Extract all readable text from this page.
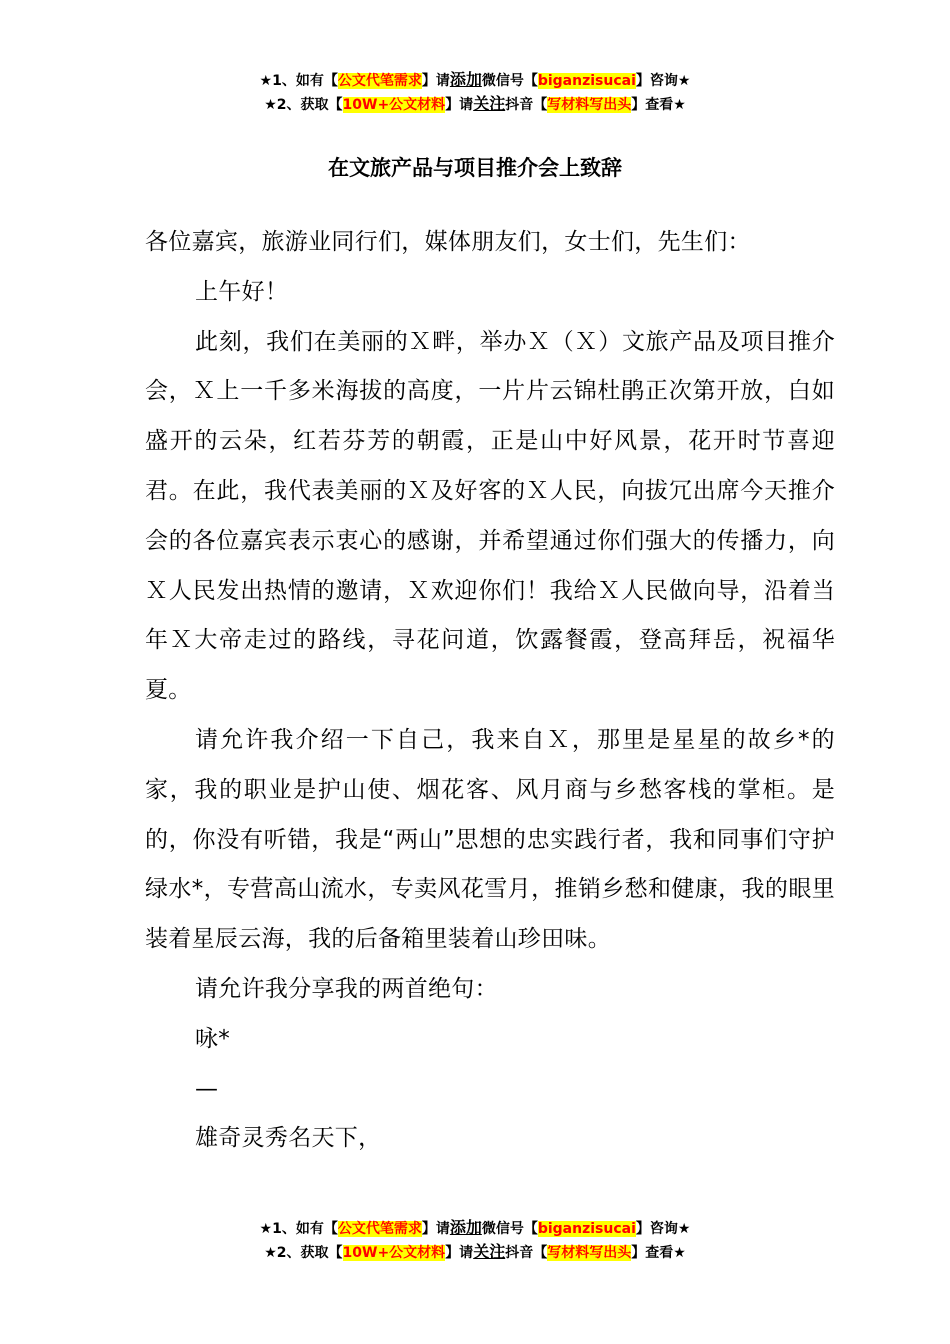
★1、如有【公文代笔需求】请添加微信号【biganzisucai】咨询★
★2、获取【10W+公文材料】请关注抖音【写材料写出头】查看★
在文旅产品与项目推介会上致辞

各位嘉宾，旅游业同行们，媒体朋友们，女士们，先生们：

上午好！

此刻，我们在美丽的Ｘ畔，举办Ｘ（Ｘ）文旅产品及项目推介会，Ｘ上一千多米海拔的高度，一片片云锦杜鹃正次第开放，白如盛开的云朵，红若芬芳的朝霞，正是山中好风景，花开时节喜迎君。在此，我代表美丽的Ｘ及好客的Ｘ人民，向拔冗出席今天推介会的各位嘉宾表示衷心的感谢，并希望通过你们强大的传播力，向Ｘ人民发出热情的邀请，Ｘ欢迎你们！我给Ｘ人民做向导，沿着当年Ｘ大帝走过的路线，寻花问道，饮露餐霞，登高拜岳，祝福华夏。

请允许我介绍一下自己，我来自Ｘ，那里是星星的故乡*的家，我的职业是护山使、烟花客、风月商与乡愁客栈的掌柜。是的，你没有听错，我是“两山”思想的忠实践行者，我和同事们守护绿水*，专营高山流水，专卖风花雪月，推销乡愁和健康，我的眼里装着星辰云海，我的后备箱里装着山珍田味。

请允许我分享我的两首绝句：

咏*

—

雄奇灵秀名天下，

★1、如有【公文代笔需求】请添加微信号【biganzisucai】咨询★
★2、获取【10W+公文材料】请关注抖音【写材料写出头】查看★
